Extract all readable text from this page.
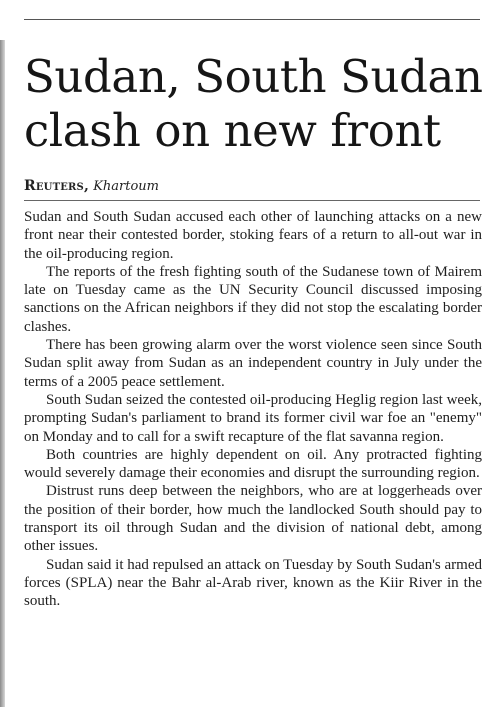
Sudan, South Sudan clash on new front
Reuters, Khartoum

Sudan and South Sudan accused each other of launching attacks on a new front near their contested border, stoking fears of a return to all-out war in the oil-producing region.

The reports of the fresh fighting south of the Sudanese town of Mairem late on Tuesday came as the UN Security Council discussed imposing sanctions on the African neighbors if they did not stop the escalating border clashes.

There has been growing alarm over the worst violence seen since South Sudan split away from Sudan as an independent country in July under the terms of a 2005 peace settlement.

South Sudan seized the contested oil-producing Heglig region last week, prompting Sudan's parliament to brand its former civil war foe an "enemy" on Monday and to call for a swift recapture of the flat savanna region.

Both countries are highly dependent on oil. Any protracted fighting would severely damage their economies and disrupt the surrounding region.

Distrust runs deep between the neighbors, who are at loggerheads over the position of their border, how much the landlocked South should pay to transport its oil through Sudan and the division of national debt, among other issues.

Sudan said it had repulsed an attack on Tuesday by South Sudan's armed forces (SPLA) near the Bahr al-Arab river, known as the Kiir River in the south.
